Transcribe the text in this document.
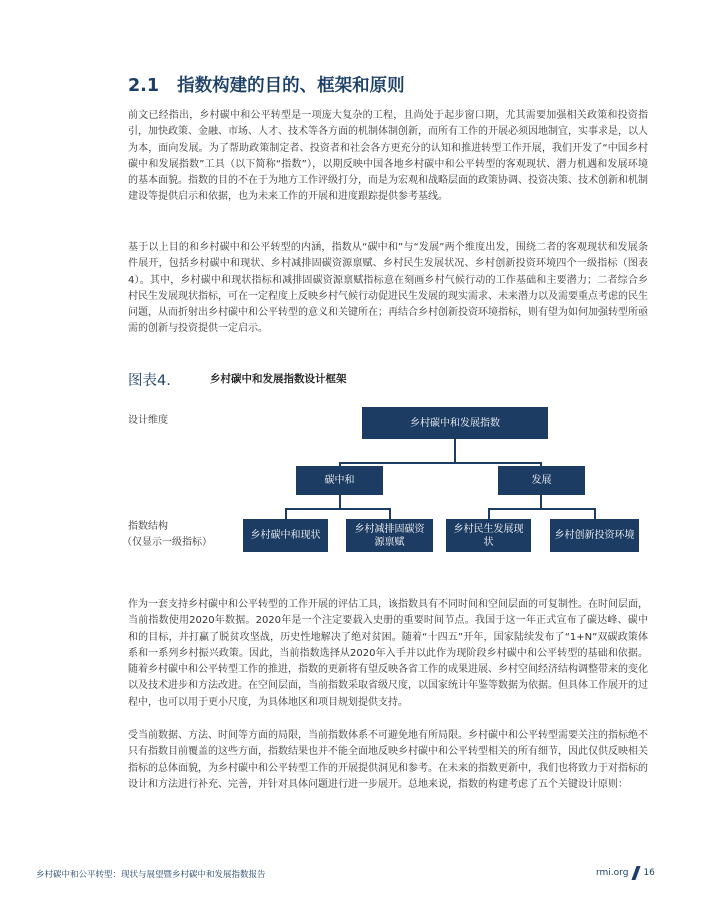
2.1 指数构建的目的、框架和原则

前文已经指出，乡村碳中和公平转型是一项庞大复杂的工程，且尚处于起步窗口期，尤其需要加强相关政策和投资指引，加快政策、金融、市场、人才、技术等各方面的机制体制创新，而所有工作的开展必须因地制宜，实事求是，以人为本，面向发展。为了帮助政策制定者、投资者和社会各方更充分的认知和推进转型工作开展，我们开发了“中国乡村碳中和发展指数”工具（以下简称“指数”），以期反映中国各地乡村碳中和公平转型的客观现状、潜力机遇和发展环境的基本面貌。指数的目的不在于为地方工作评级打分，而是为宏观和战略层面的政策协调、投资决策、技术创新和机制建设等提供启示和依据，也为未来工作的开展和进度跟踪提供参考基线。

基于以上目的和乡村碳中和公平转型的内涵，指数从“碳中和”与“发展”两个维度出发，围绕二者的客观现状和发展条件展开，包括乡村碳中和现状、乡村减排固碳资源禀赋、乡村民生发展状况、乡村创新投资环境四个一级指标（图表4）。其中，乡村碳中和现状指标和减排固碳资源禀赋指标意在刻画乡村气候行动的工作基础和主要潜力；二者综合乡村民生发展现状指标，可在一定程度上反映乡村气候行动促进民生发展的现实需求、未来潜力以及需要重点考虑的民生问题，从而折射出乡村碳中和公平转型的意义和关键所在；再结合乡村创新投资环境指标，则有望为如何加强转型所亟需的创新与投资提供一定启示。

图表4.	乡村碳中和发展指数设计框架
设计维度
指数结构
（仅显示一级指标）
乡村碳中和发展指数
碳中和	发展
乡村碳中和现状
乡村减排固碳资源禀赋
乡村民生发展现状
乡村创新投资环境

作为一套支持乡村碳中和公平转型的工作开展的评估工具，该指数具有不同时间和空间层面的可复制性。在时间层面，当前指数使用2020年数据。2020年是一个注定要载入史册的重要时间节点。我国于这一年正式宣布了碳达峰、碳中和的目标，并打赢了脱贫攻坚战，历史性地解决了绝对贫困。随着“十四五”开年，国家陆续发布了“1+N”双碳政策体系和一系列乡村振兴政策。因此，当前指数选择从2020年入手并以此作为现阶段乡村碳中和公平转型的基础和依据。随着乡村碳中和公平转型工作的推进，指数的更新将有望反映各省工作的成果进展、乡村空间经济结构调整带来的变化以及技术进步和方法改进。在空间层面，当前指数采取省级尺度，以国家统计年鉴等数据为依据。但具体工作展开的过程中，也可以用于更小尺度，为具体地区和项目规划提供支持。

受当前数据、方法、时间等方面的局限，当前指数体系不可避免地有所局限。乡村碳中和公平转型需要关注的指标绝不只有指数目前覆盖的这些方面，指数结果也并不能全面地反映乡村碳中和公平转型相关的所有细节，因此仅供反映相关指标的总体面貌，为乡村碳中和公平转型工作的开展提供洞见和参考。在未来的指数更新中，我们也将致力于对指标的设计和方法进行补充、完善，并针对具体问题进行进一步展开。总地来说，指数的构建考虑了五个关键设计原则：

乡村碳中和公平转型：现状与展望暨乡村碳中和发展指数报告	rmi.org 16
